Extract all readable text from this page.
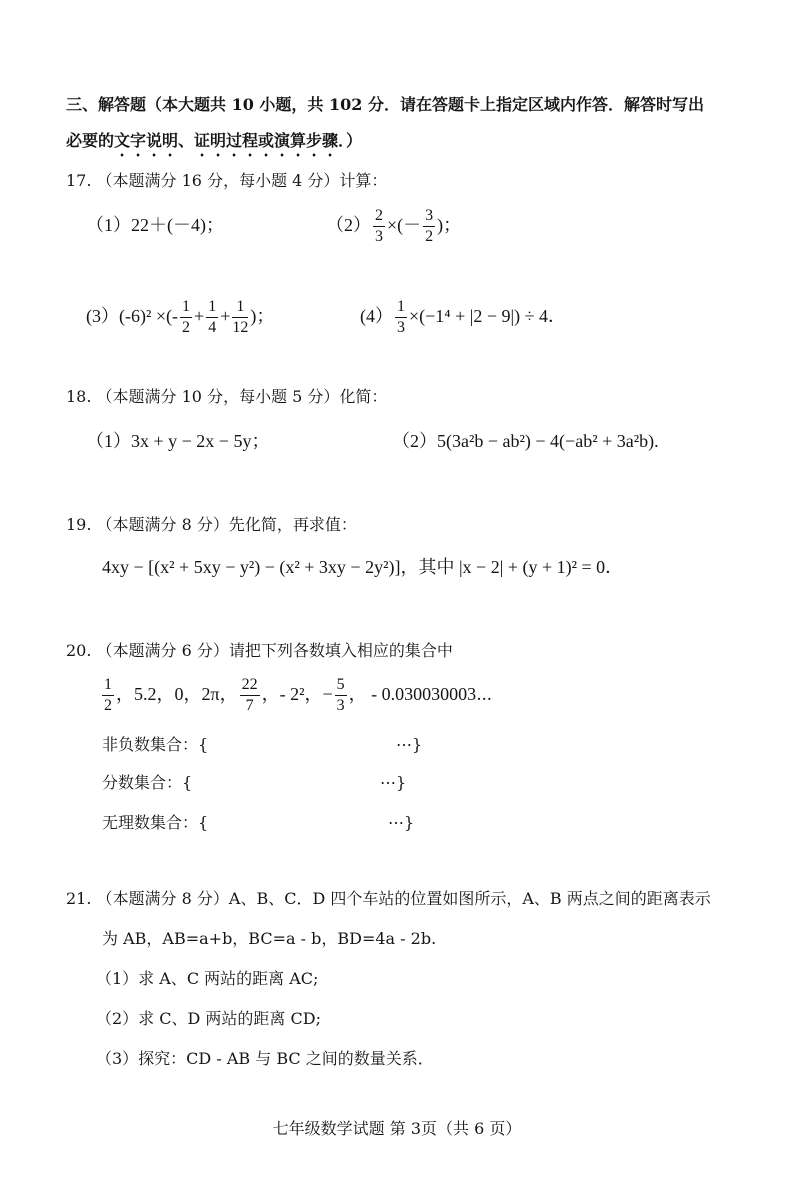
三、解答题（本大题共 10 小题，共 102 分．请在答题卡上指定区域内作答．解答时写出
必要的文字说明、证明过程或演算步骤．）
17. （本题满分 16 分，每小题 4 分）计算：
（1）22＋(－4)；	$(2) \frac{2}{3}$ ×(－ $\frac{3}{2}$ )；
(3）(-6)² ×(- $\frac{1}{2} + \frac{1}{4} + \frac{1}{12}$ )；	$(4) \frac{1}{3} \times(-1^4 + |2 - 9|) \div 4$．
18. （本题满分 10 分，每小题 5 分）化简：
（1）3x + y − 2x − 5y；	（2）5(3a²b − ab²) − 4(−ab² + 3a²b).
19. （本题满分 8 分）先化简，再求值：
4xy − [(x² + 5xy − y²) − (x² + 3xy − 2y²)]，其中 |x − 2| + (y + 1)² = 0．
20. （本题满分 6 分）请把下列各数填入相应的集合中
$\frac{1}{2}$ ，5.2，0，2π， $\frac{22}{7}$ ，- 2²，− $\frac{5}{3}$ ， - 0.030030003⋯
非负数集合：{	⋯}
分数集合：{	⋯}
无理数集合：{	⋯}
21. （本题满分 8 分）A、B、C．D 四个车站的位置如图所示，A、B 两点之间的距离表示
为 AB，AB=a+b，BC=a - b，BD=4a - 2b.
（1）求 A、C 两站的距离 AC;
（2）求 C、D 两站的距离 CD;
（3）探究：CD - AB 与 BC 之间的数量关系．
七年级数学试题 第 3页（共 6 页）
